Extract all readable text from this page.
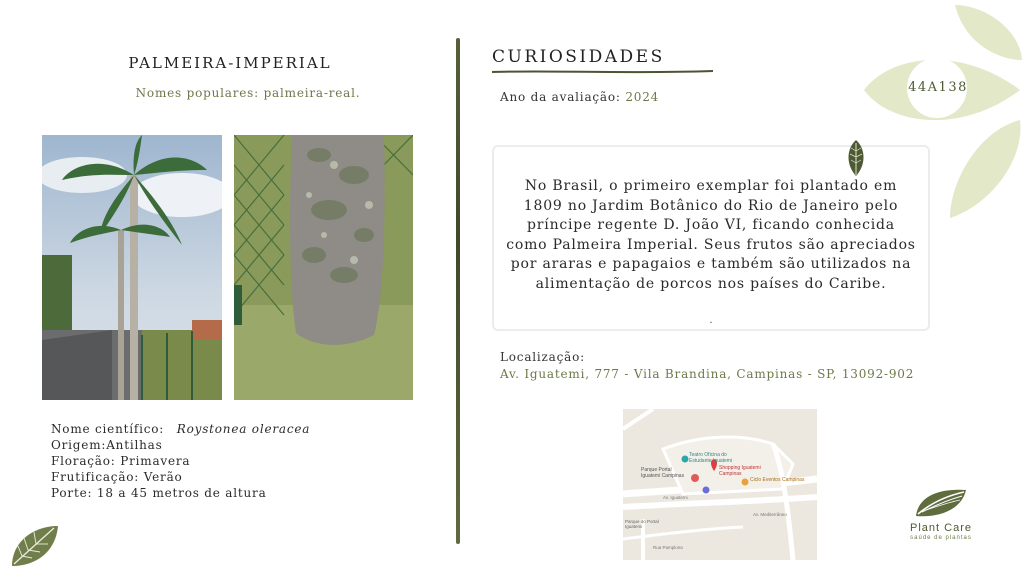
44A138
PALMEIRA-IMPERIAL
Nomes populares: palmeira-real.
Nome científico: Roystonea oleracea
Origem:Antilhas
Floração: Primavera
Frutificação: Verão
Porte: 18 a 45 metros de altura
CURIOSIDADES
Ano da avaliação: 2024
No Brasil, o primeiro exemplar foi plantado em 1809 no Jardim Botânico do Rio de Janeiro pelo príncipe regente D. João VI, ficando conhecida como Palmeira Imperial. Seus frutos são apreciados por araras e papagaios e também são utilizados na alimentação de porcos nos países do Caribe.
.
Localização:
Av. Iguatemi, 777 - Vila Brandina, Campinas - SP, 13092-902
Teatro Oficina do Estudante Iguatemi
Shopping Iguatemi Campinas
Parque Portal Iguatemi Campinas
Ciclo Eventos Campinas
Av. Iguatemi
Av. Mediterrâneo
Parque do Portal Iguatemi
Rua Pamplona
Plant Care
saúde de plantas
